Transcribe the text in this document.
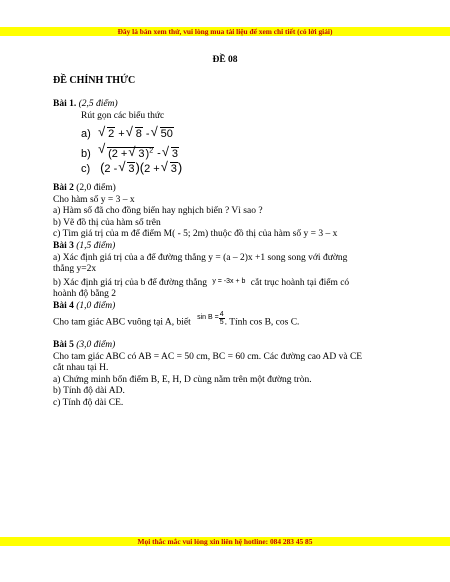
Đây là bản xem thử, vui lòng mua tài liệu để xem chi tiết (có lời giải)
ĐỀ 08
ĐỀ CHÍNH THỨC
Bài 1. (2,5 điểm)
Rút gọn các biểu thức
a) √ 2 + √ 8 - √ 50
b) √ (2 + √ 3)$^2$ - √ 3
c) (2 - √ 3)(2 + √ 3)
Bài 2 (2,0 điểm)
Cho hàm số y = 3 – x
a) Hàm số đã cho đồng biến hay nghịch biến ? Vì sao ?
b) Vẽ đồ thị của hàm số trên
c) Tìm giá trị của m để điểm M( - 5; 2m) thuộc đồ thị của hàm số y = 3 – x
Bài 3 (1,5 điểm)
a) Xác định giá trị của a để đường thẳng y = (a – 2)x +1 song song với đường
thẳng y=2x
b) Xác định giá trị của b để đường thẳng $^{y = -3x + b}$ cắt trục hoành tại điểm có
hoành độ bằng 2
Bài 4 (1,0 điểm)
Cho tam giác ABC vuông tại A, biết $^{sin B =} \frac{4}{5}$ . Tính cos B, cos C.
Bài 5 (3,0 điểm)
Cho tam giác ABC có AB = AC = 50 cm, BC = 60 cm. Các đường cao AD và CE
cắt nhau tại H.
a) Chứng minh bốn điểm B, E, H, D cùng nằm trên một đường tròn.
b) Tính độ dài AD.
c) Tính độ dài CE.
Mọi thắc mắc vui lòng xin liên hệ hotline: 084 283 45 85
